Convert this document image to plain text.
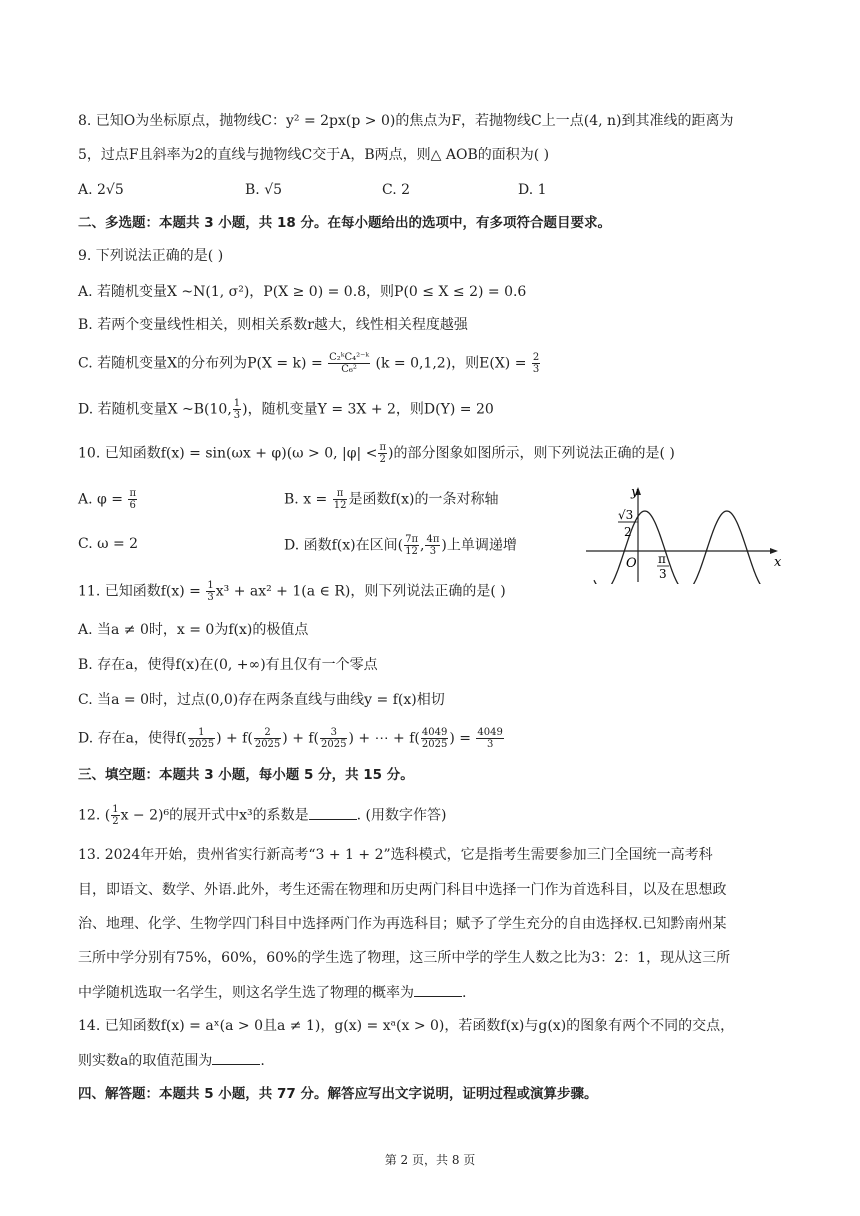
8. 已知O为坐标原点，抛物线C：y² = 2px(p > 0)的焦点为F，若抛物线C上一点(4, n)到其准线的距离为
5，过点F且斜率为2的直线与抛物线C交于A，B两点，则△ AOB的面积为( )
A. 2√5	B. √5	C. 2	D. 1
二、多选题：本题共 3 小题，共 18 分。在每小题给出的选项中，有多项符合题目要求。
9. 下列说法正确的是( )
A. 若随机变量X ~N(1, σ²)，P(X ≥ 0) = 0.8，则P(0 ≤ X ≤ 2) = 0.6
B. 若两个变量线性相关，则相关系数r越大，线性相关程度越强
C. 若随机变量X的分布列为$P(X = k) = \frac{\text{C₂ᵏC₄²⁻ᵏ}}{\text{C₆²}} (k = 0,1,2)$，则$E(X) = \frac{2}{3}$
D. 若随机变量X ~B(10, $\frac{1}{3}$ )，随机变量Y = 3X + 2，则D(Y) = 20
10. 已知函数f(x) = sin(ωx + φ)(ω > 0, $|\varphi| < \frac{\pi}{2}$ )的部分图象如图所示，则下列说法正确的是( )
A. $\varphi = \frac{\pi}{6}$	B. $x = \frac{\pi}{12}$ 是函数f(x)的一条对称轴
C. ω = 2	D. 函数f(x)在区间( $\frac{7\pi}{12}$ , $\frac{4\pi}{3}$ )上单调递增
y
x
O
√3
2
π
3
11. 已知函数$f(x) = \frac{1}{3} x^3 + ax^2 + 1(a$ ∈ R)，则下列说法正确的是( )
A. 当a ≠ 0时，x = 0为f(x)的极值点
B. 存在a，使得f(x)在(0, +∞)有且仅有一个零点
C. 当a = 0时，过点(0,0)存在两条直线与曲线y = f(x)相切
D. 存在a，使得$f( \frac{1}{2025}$ ) + $f( \frac{2}{2025}$ ) + $f( \frac{3}{2025}$ ) + ⋯ + $f( \frac{4049}{2025}$ ) = $\frac{4049}{3}$
三、填空题：本题共 3 小题，每小题 5 分，共 15 分。
12. ( $\frac{1}{2}$ x − 2)⁶的展开式中x³的系数是	. (用数字作答)
13. 2024年开始，贵州省实行新高考“3 + 1 + 2”选科模式，它是指考生需要参加三门全国统一高考科
目，即语文、数学、外语.此外，考生还需在物理和历史两门科目中选择一门作为首选科目，以及在思想政
治、地理、化学、生物学四门科目中选择两门作为再选科目；赋予了学生充分的自由选择权.已知黔南州某
三所中学分别有75%，60%，60%的学生选了物理，这三所中学的学生人数之比为3：2：1，现从这三所
中学随机选取一名学生，则这名学生选了物理的概率为	.
14. 已知函数f(x) = aˣ(a > 0且a ≠ 1)，g(x) = xᵃ(x > 0)，若函数f(x)与g(x)的图象有两个不同的交点，
则实数a的取值范围为	.
四、解答题：本题共 5 小题，共 77 分。解答应写出文字说明，证明过程或演算步骤。
第 2 页，共 8 页
